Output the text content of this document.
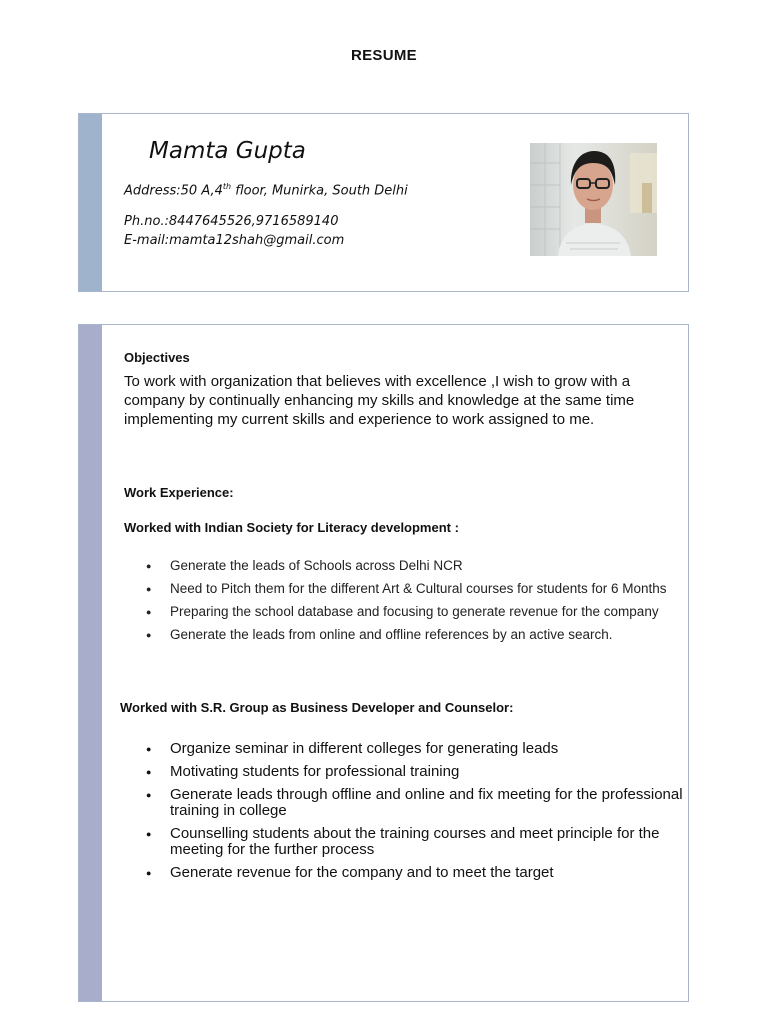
RESUME
Mamta Gupta
Address:50 A,4th floor, Munirka, South Delhi
Ph.no.:8447645526,9716589140
E-mail:mamta12shah@gmail.com
Objectives
To work with organization that believes with excellence ,I wish to grow with a company by continually enhancing my skills and knowledge at the same time implementing my current skills and experience to work assigned to me.
Work Experience:
Worked with Indian Society for Literacy development :
● Generate the leads of Schools across Delhi NCR
● Need to Pitch them for the different Art & Cultural courses for students for 6 Months
● Preparing the school database and focusing to generate revenue for the company
● Generate the leads from online and offline references by an active search.
Worked with S.R. Group as Business Developer and Counselor:
● Organize seminar in different colleges for generating leads
● Motivating students for professional training
● Generate leads through offline and online and fix meeting for the professional training in college
● Counselling students about the training courses and meet principle for the meeting for the further process
● Generate revenue for the company and to meet the target
